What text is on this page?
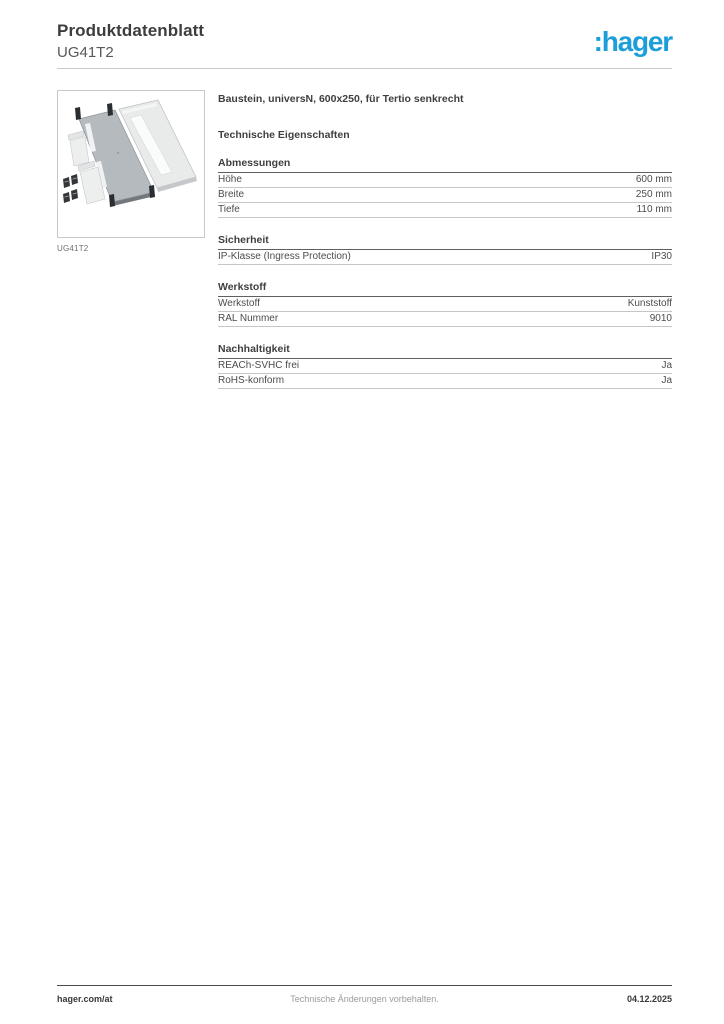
Produktdatenblatt
UG41T2	:hager
UG41T2
Baustein, universN, 600x250, für Tertio senkrecht
Technische Eigenschaften
Abmessungen
Höhe	600 mm
Breite	250 mm
Tiefe	110 mm
Sicherheit
IP-Klasse (Ingress Protection)	IP30
Werkstoff
Werkstoff	Kunststoff
RAL Nummer	9010
Nachhaltigkeit
REACh-SVHC frei	Ja
RoHS-konform	Ja
hager.com/at	Technische Änderungen vorbehalten.	04.12.2025
